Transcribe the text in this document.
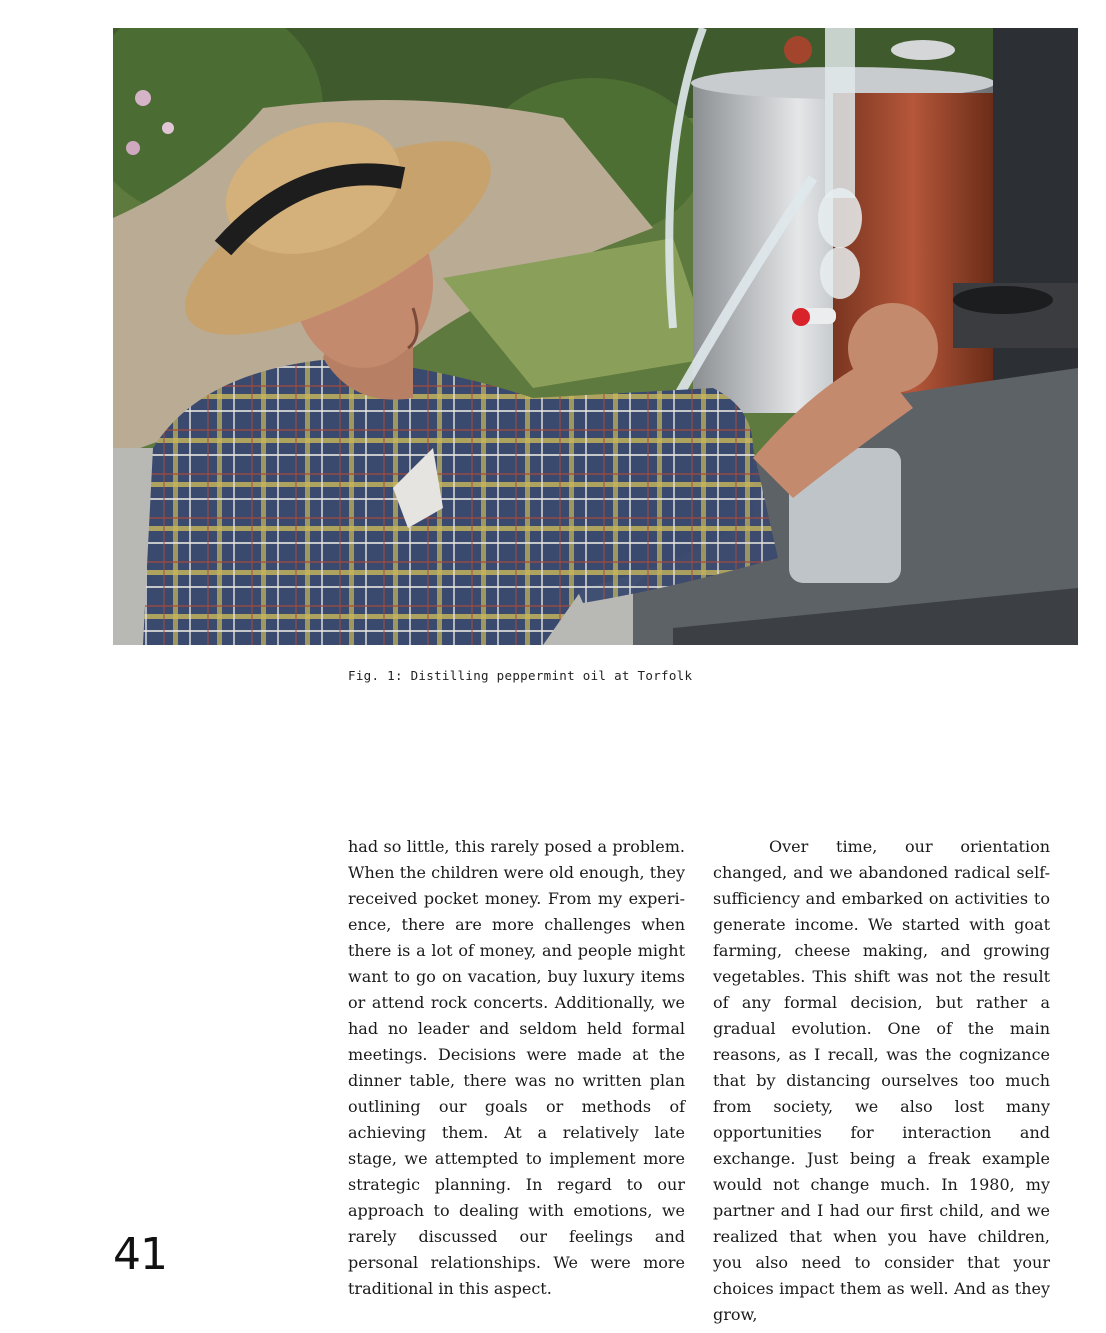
Fig. 1: Distilling peppermint oil at Torfolk

had so little, this rarely posed a problem. When the children were old enough, they received pocket money. From my experience, there are more challenges when there is a lot of money, and people might want to go on vacation, buy luxury items or attend rock concerts. Additionally, we had no leader and seldom held formal meetings. Decisions were made at the dinner table, there was no written plan outlining our goals or methods of achieving them. At a relatively late stage, we attempted to implement more strategic planning. In regard to our approach to dealing with emotions, we rarely discussed our feelings and personal relationships. We were more traditional in this aspect.

Over time, our orientation changed, and we abandoned radical self-sufficiency and embarked on activities to generate income. We started with goat farming, cheese making, and growing vegetables. This shift was not the result of any formal decision, but rather a gradual evolution. One of the main reasons, as I recall, was the cognizance that by distancing ourselves too much from society, we also lost many opportunities for interaction and exchange. Just being a freak example would not change much. In 1980, my partner and I had our first child, and we realized that when you have children, you also need to consider that your choices impact them as well. And as they grow,

41
